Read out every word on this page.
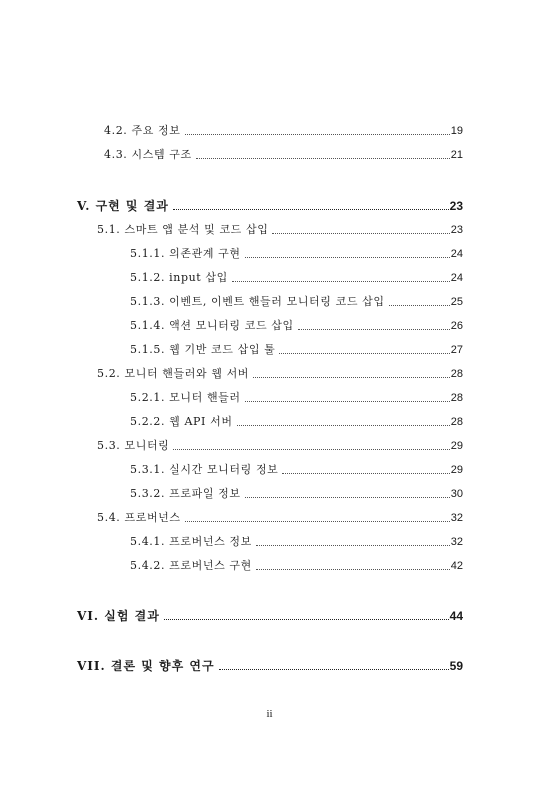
4.2. 주요 정보	19
4.3. 시스템 구조	21
V. 구현 및 결과	23
5.1. 스마트 앱 분석 및 코드 삽입	23
5.1.1. 의존관계 구현	24
5.1.2. input 삽입	24
5.1.3. 이벤트, 이벤트 핸들러 모니터링 코드 삽입	25
5.1.4. 액션 모니터링 코드 삽입	26
5.1.5. 웹 기반 코드 삽입 툴	27
5.2. 모니터 핸들러와 웹 서버	28
5.2.1. 모니터 핸들러	28
5.2.2. 웹 API 서버	28
5.3. 모니터링	29
5.3.1. 실시간 모니터링 정보	29
5.3.2. 프로파일 정보	30
5.4. 프로버넌스	32
5.4.1. 프로버넌스 정보	32
5.4.2. 프로버넌스 구현	42
VI. 실험 결과	44
VII. 결론 및 향후 연구	59
ii
